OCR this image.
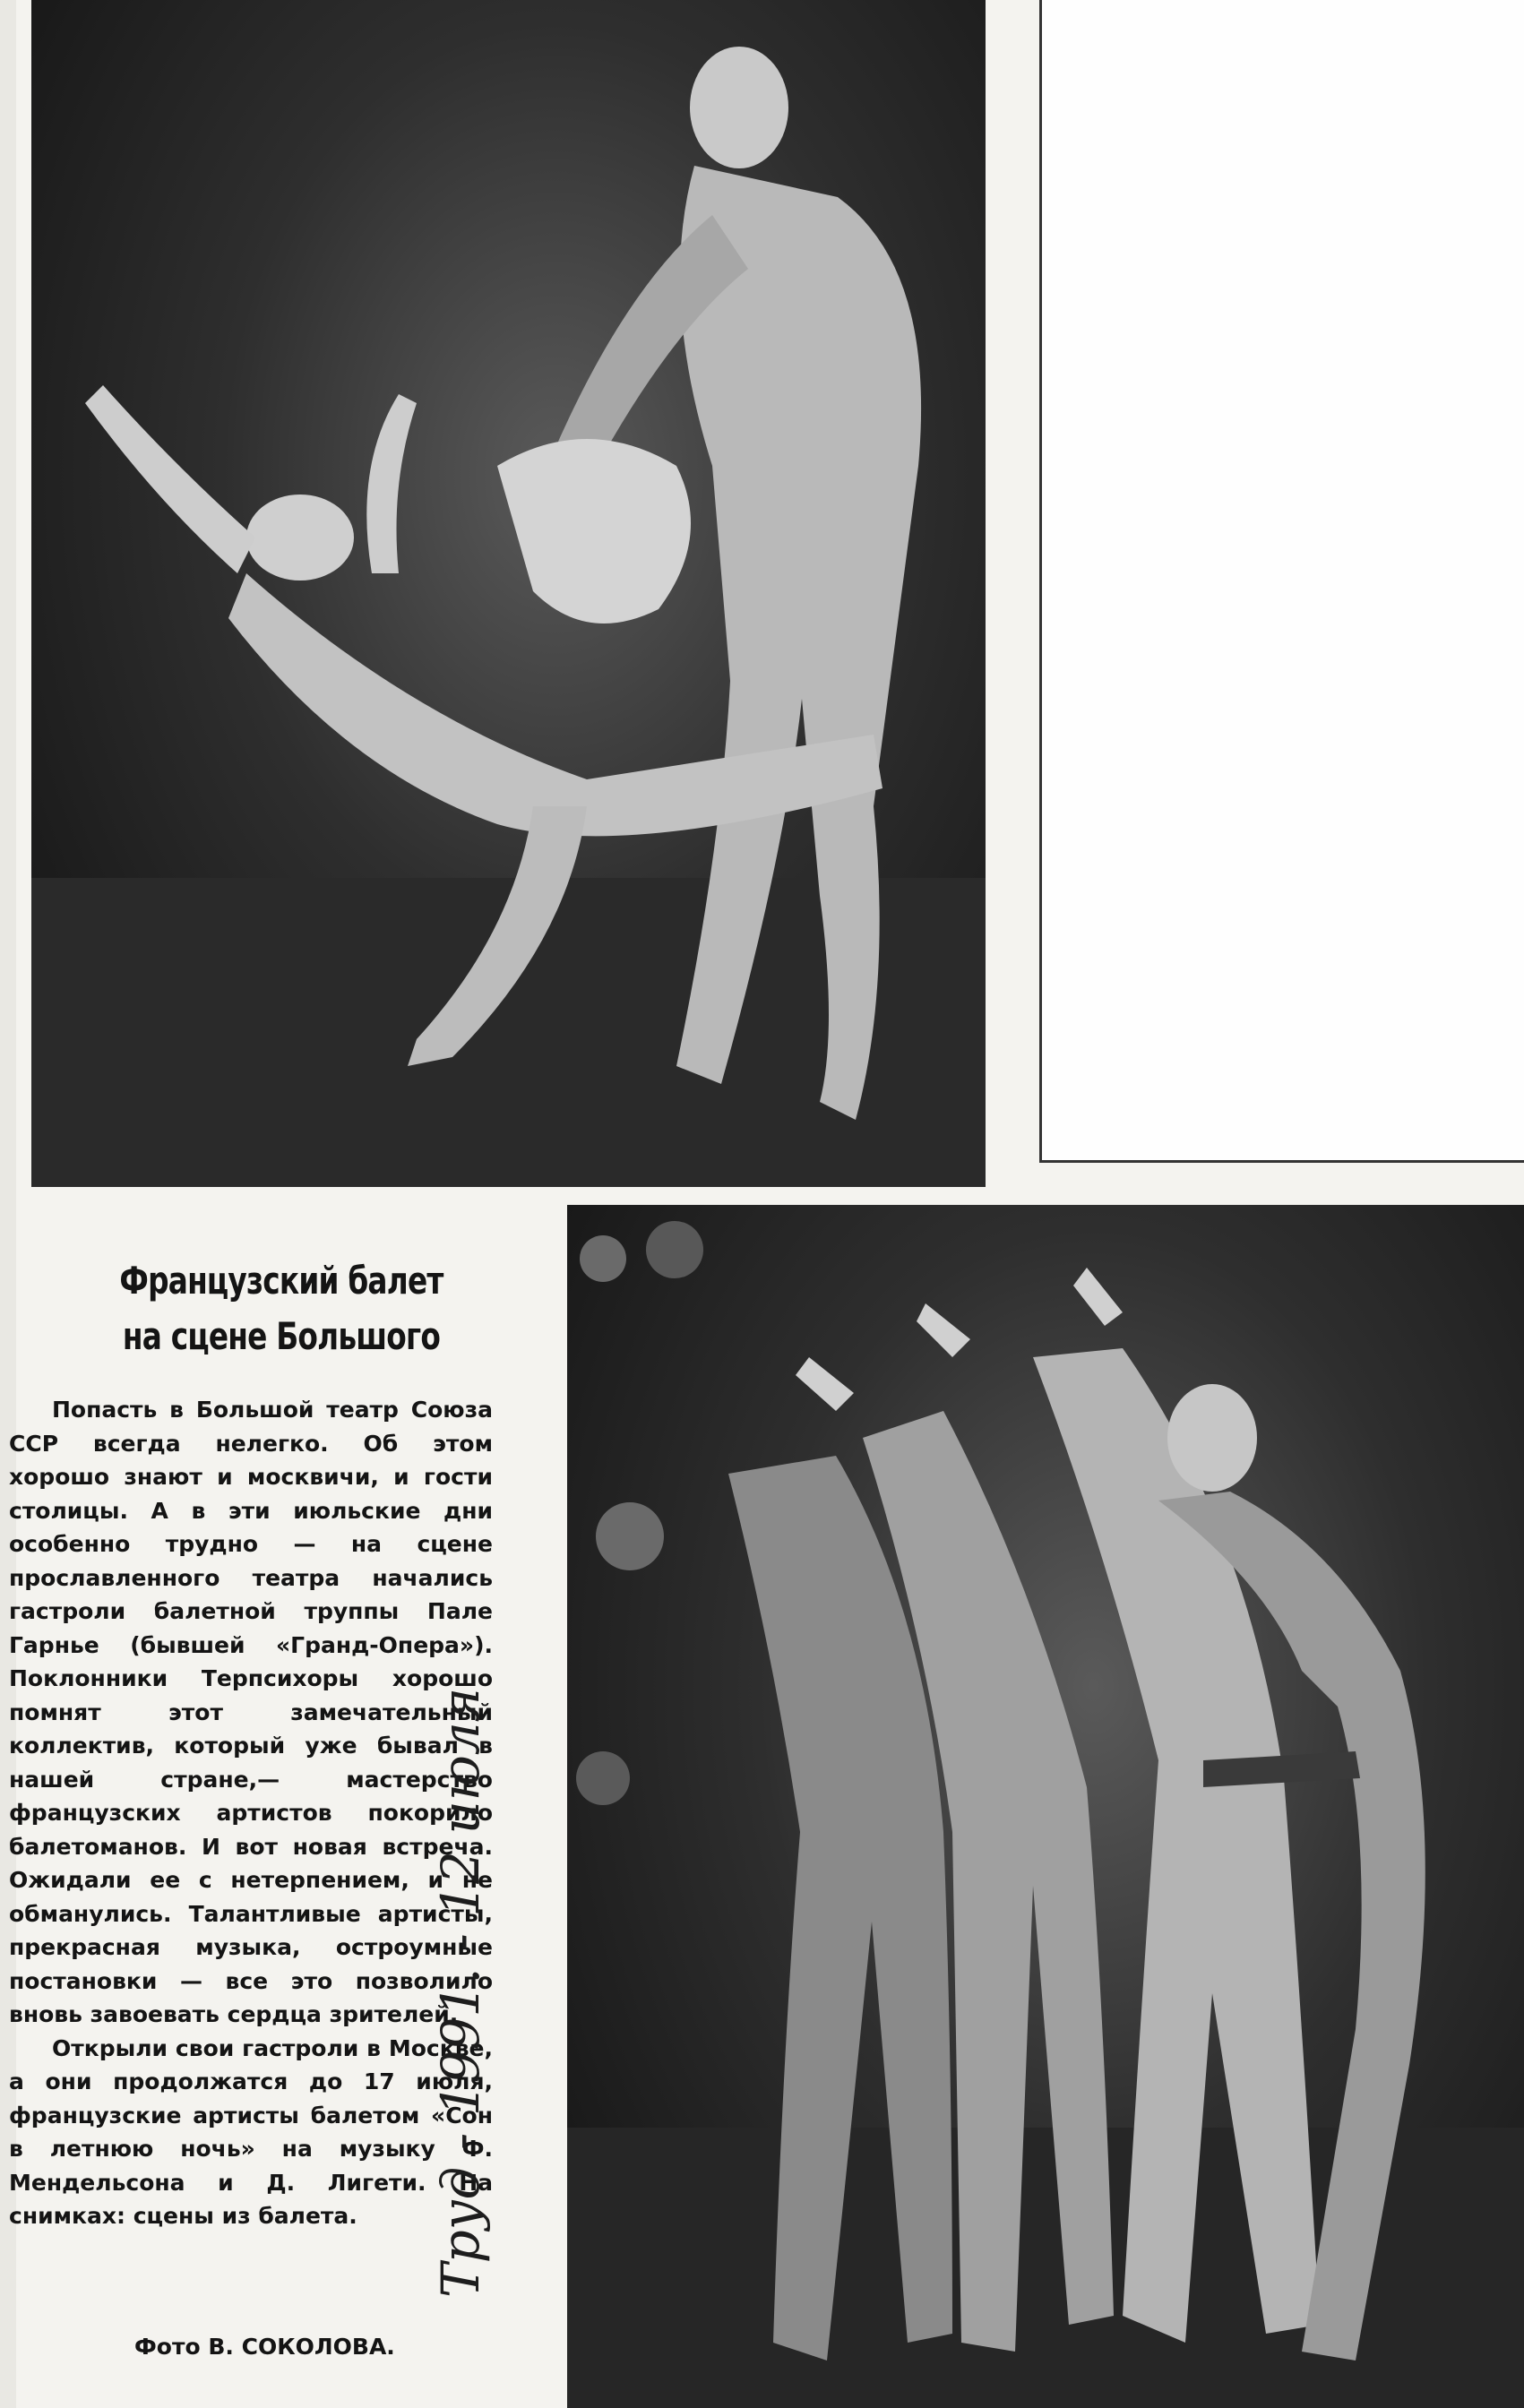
Французский балет
на сцене Большого

Попасть в Большой театр Союза ССР всегда нелегко. Об этом хорошо знают и москвичи, и гости столицы. А в эти июльские дни особенно трудно — на сцене прославленного театра начались гастроли балетной труппы Пале Гарнье (бывшей «Гранд-Опера»). Поклонники Терпсихоры хорошо помнят этот замечательный коллектив, который уже бывал в нашей стране,— мастерство французских артистов покорило балетоманов. И вот новая встреча. Ожидали ее с нетерпением, и не обманулись. Талантливые артисты, прекрасная музыка, остроумные постановки — все это позволило вновь завоевать сердца зрителей.

Открыли свои гастроли в Москве, а они продолжатся до 17 июля, французские артисты балетом «Сон в летнюю ночь» на музыку Ф. Мендельсона и Д. Лигети. На снимках: сцены из балета.

Фото В. СОКОЛОВА.
Труд - 1991. - 12 июля
